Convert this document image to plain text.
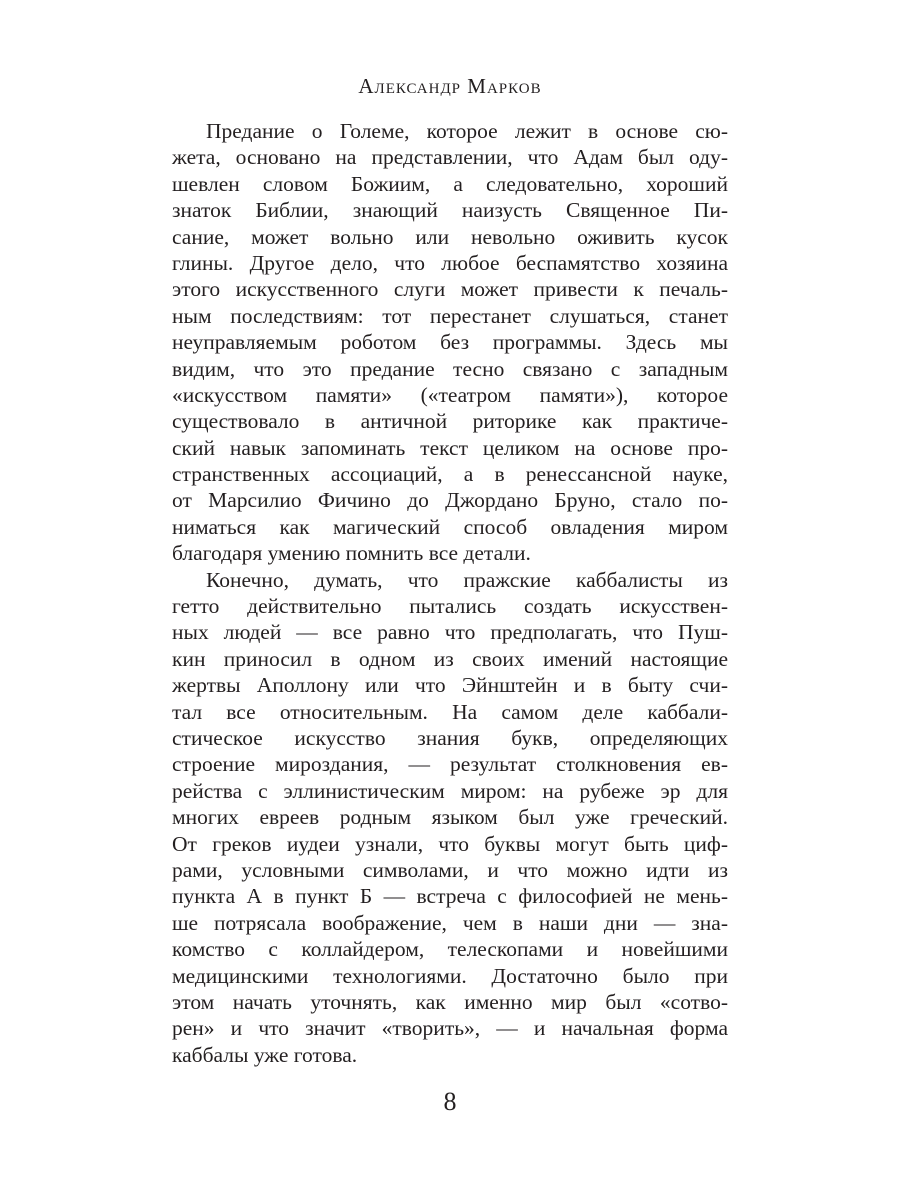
Александр Марков
Предание о Големе, которое лежит в основе сю-
жета, основано на представлении, что Адам был оду-
шевлен словом Божиим, а следовательно, хороший
знаток Библии, знающий наизусть Священное Пи-
сание, может вольно или невольно оживить кусок
глины. Другое дело, что любое беспамятство хозяина
этого искусственного слуги может привести к печаль-
ным последствиям: тот перестанет слушаться, станет
неуправляемым роботом без программы. Здесь мы
видим, что это предание тесно связано с западным
«искусством памяти» («театром памяти»), которое
существовало в античной риторике как практиче-
ский навык запоминать текст целиком на основе про-
странственных ассоциаций, а в ренессансной науке,
от Марсилио Фичино до Джордано Бруно, стало по-
ниматься как магический способ овладения миром
благодаря умению помнить все детали.
Конечно, думать, что пражские каббалисты из
гетто действительно пытались создать искусствен-
ных людей — все равно что предполагать, что Пуш-
кин приносил в одном из своих имений настоящие
жертвы Аполлону или что Эйнштейн и в быту счи-
тал все относительным. На самом деле каббали-
стическое искусство знания букв, определяющих
строение мироздания, — результат столкновения ев-
рейства с эллинистическим миром: на рубеже эр для
многих евреев родным языком был уже греческий.
От греков иудеи узнали, что буквы могут быть циф-
рами, условными символами, и что можно идти из
пункта А в пункт Б — встреча с философией не мень-
ше потрясала воображение, чем в наши дни — зна-
комство с коллайдером, телескопами и новейшими
медицинскими технологиями. Достаточно было при
этом начать уточнять, как именно мир был «сотво-
рен» и что значит «творить», — и начальная форма
каббалы уже готова.
8
